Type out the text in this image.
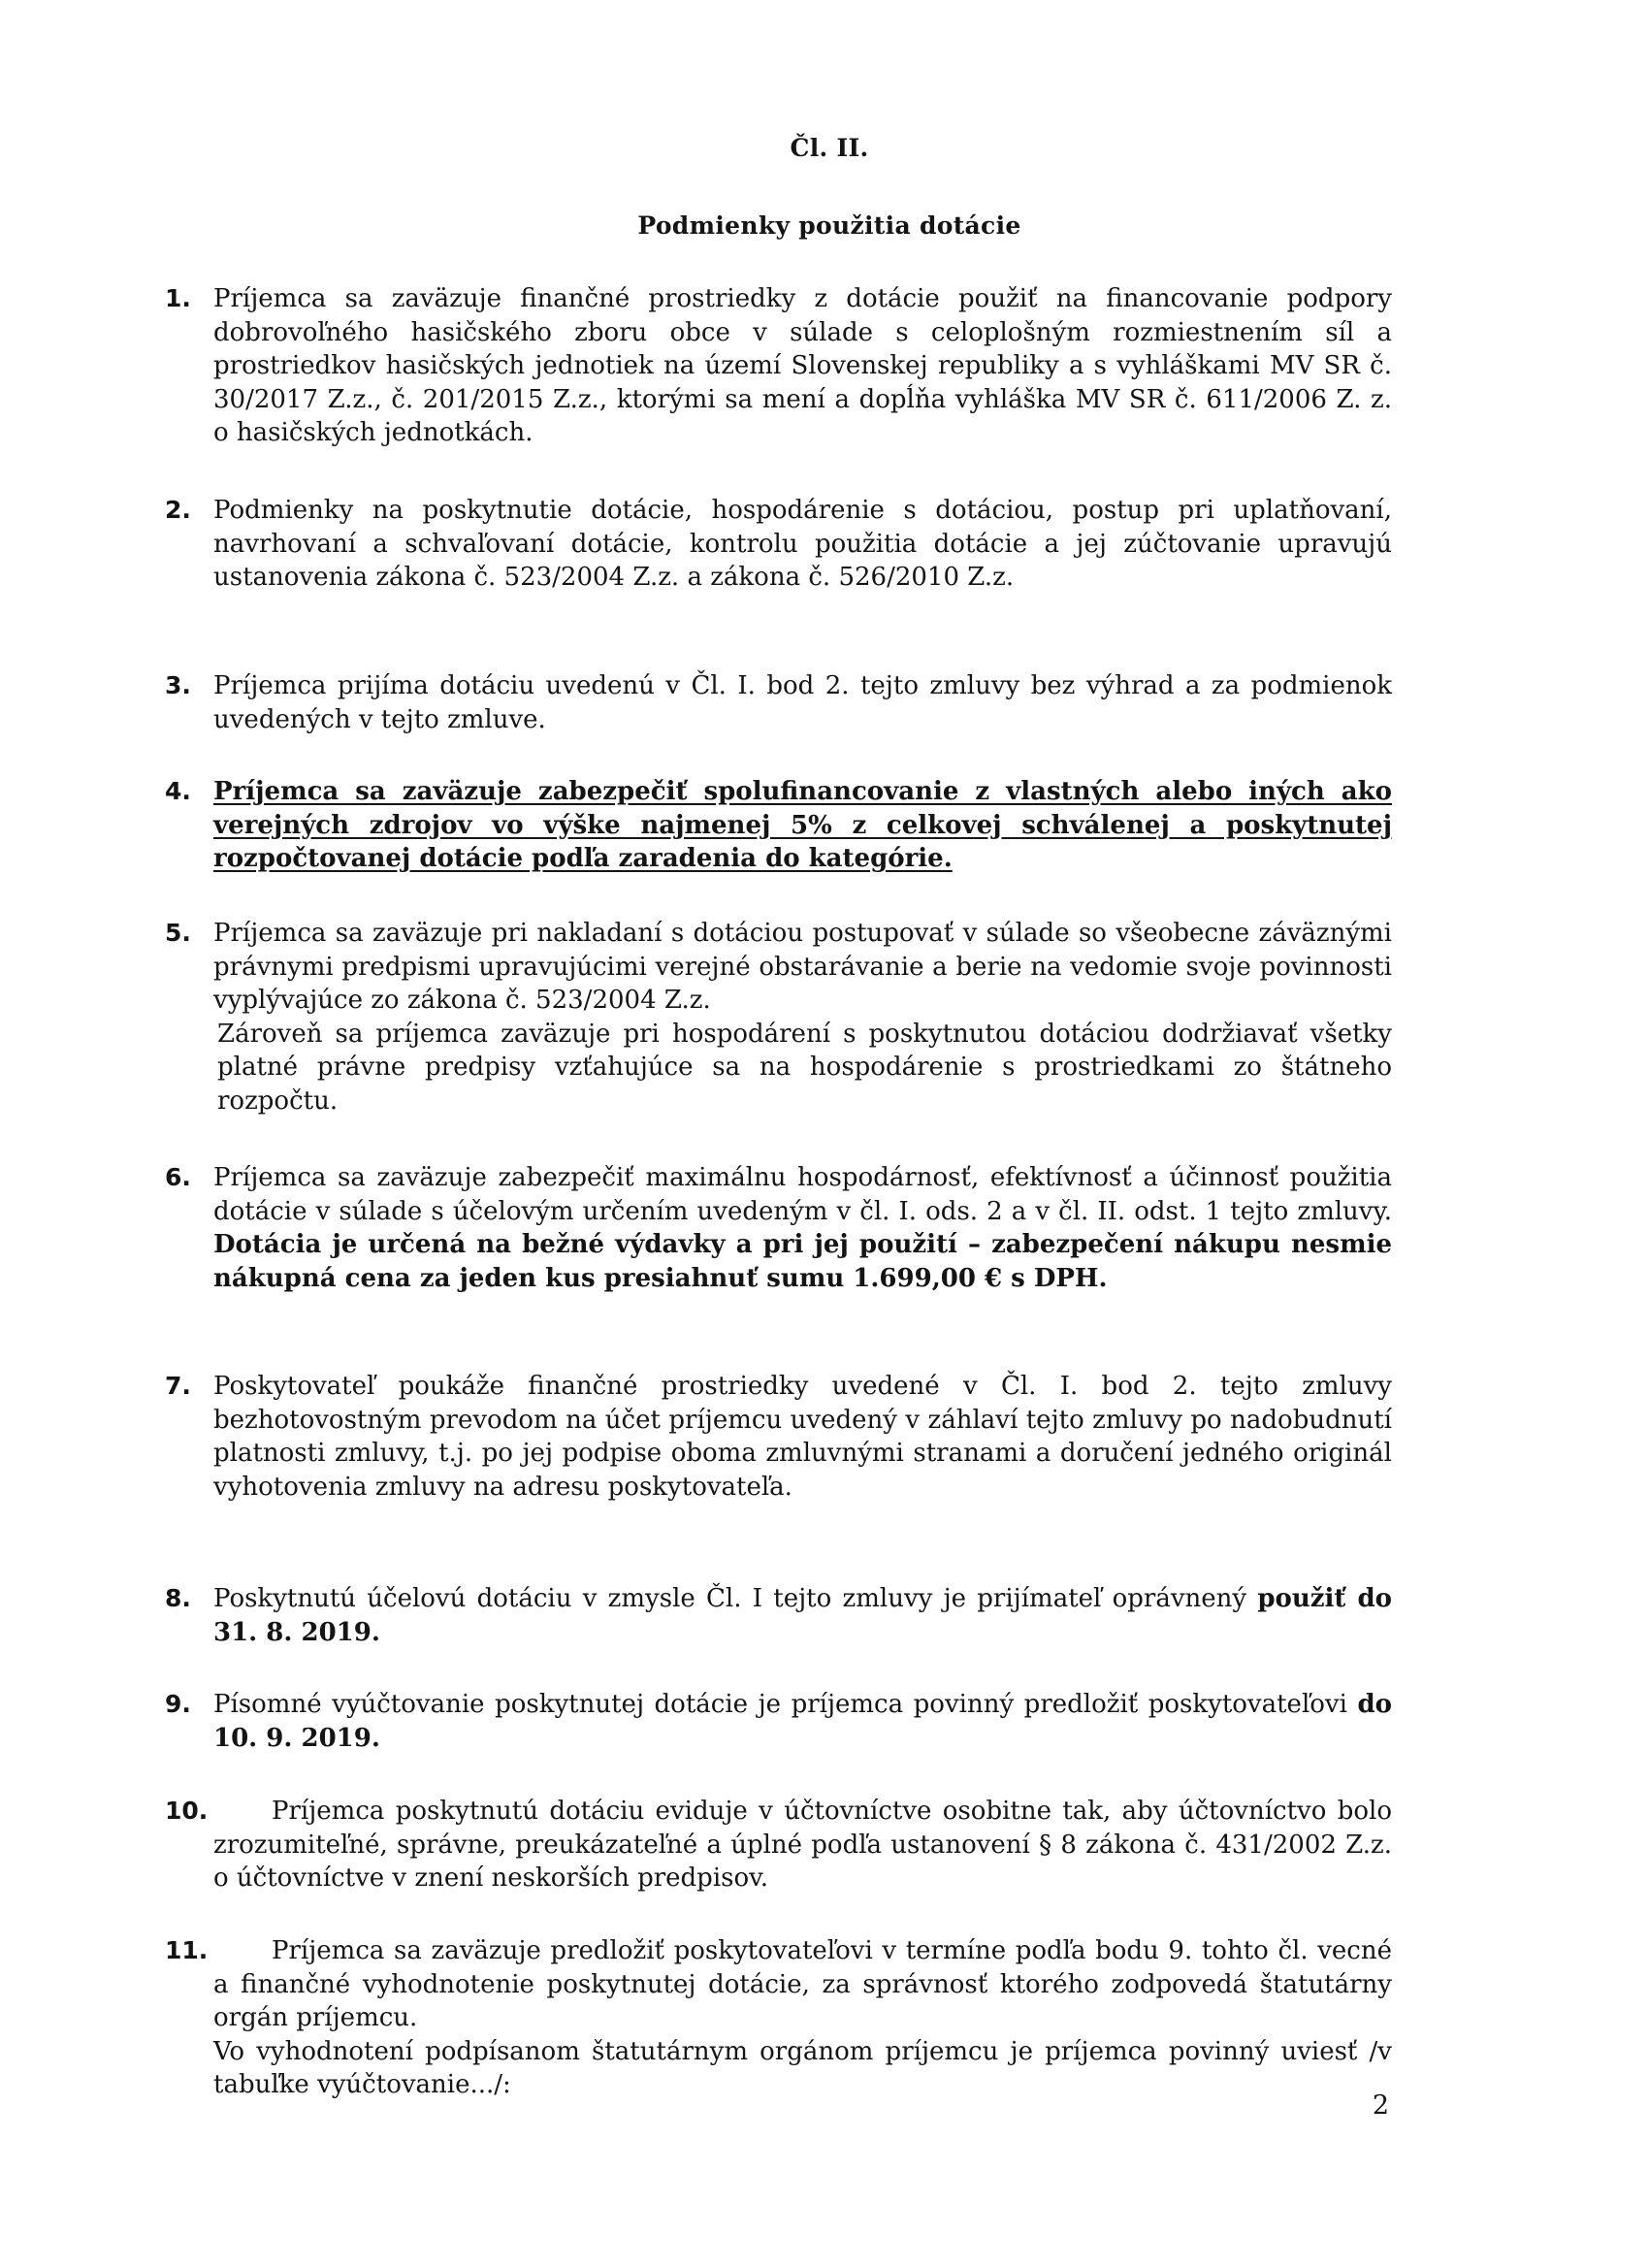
Čl. II.
Podmienky použitia dotácie
1. Príjemca sa zaväzuje finančné prostriedky z dotácie použiť na financovanie podpory dobrovoľného hasičského zboru obce v súlade s celoplošným rozmiestnením síl a prostriedkov hasičských jednotiek na území Slovenskej republiky a s vyhláškami MV SR č. 30/2017 Z.z., č. 201/2015 Z.z., ktorými sa mení a dopĺňa vyhláška MV SR č. 611/2006 Z. z. o hasičských jednotkách.

2. Podmienky na poskytnutie dotácie, hospodárenie s dotáciou, postup pri uplatňovaní, navrhovaní a schvaľovaní dotácie, kontrolu použitia dotácie a jej zúčtovanie upravujú ustanovenia zákona č. 523/2004 Z.z. a zákona č. 526/2010 Z.z.

3. Príjemca prijíma dotáciu uvedenú v Čl. I. bod 2. tejto zmluvy bez výhrad a za podmienok uvedených v tejto zmluve.

4. Príjemca sa zaväzuje zabezpečiť spolufinancovanie z vlastných alebo iných ako verejných zdrojov vo výške najmenej 5% z celkovej schválenej a poskytnutej rozpočtovanej dotácie podľa zaradenia do kategórie.

5. Príjemca sa zaväzuje pri nakladaní s dotáciou postupovať v súlade so všeobecne záväznými právnymi predpismi upravujúcimi verejné obstarávanie a berie na vedomie svoje povinnosti vyplývajúce zo zákona č. 523/2004 Z.z.

Zároveň sa príjemca zaväzuje pri hospodárení s poskytnutou dotáciou dodržiavať všetky platné právne predpisy vzťahujúce sa na hospodárenie s prostriedkami zo štátneho rozpočtu.

6. Príjemca sa zaväzuje zabezpečiť maximálnu hospodárnosť, efektívnosť a účinnosť použitia dotácie v súlade s účelovým určením uvedeným v čl. I. ods. 2 a v čl. II. odst. 1 tejto zmluvy. Dotácia je určená na bežné výdavky a pri jej použití – zabezpečení nákupu nesmie nákupná cena za jeden kus presiahnuť sumu 1.699,00 € s DPH.

7. Poskytovateľ poukáže finančné prostriedky uvedené v Čl. I. bod 2. tejto zmluvy bezhotovostným prevodom na účet príjemcu uvedený v záhlaví tejto zmluvy po nadobudnutí platnosti zmluvy, t.j. po jej podpise oboma zmluvnými stranami a doručení jedného originál vyhotovenia zmluvy na adresu poskytovateľa.

8. Poskytnutú účelovú dotáciu v zmysle Čl. I tejto zmluvy je prijímateľ oprávnený použiť do 31. 8. 2019.

9. Písomné vyúčtovanie poskytnutej dotácie je príjemca povinný predložiť poskytovateľovi do 10. 9. 2019.

10.	Príjemca poskytnutú dotáciu eviduje v účtovníctve osobitne tak, aby účtovníctvo bolo zrozumiteľné, správne, preukázateľné a úplné podľa ustanovení § 8 zákona č. 431/2002 Z.z. o účtovníctve v znení neskorších predpisov.

11.	Príjemca sa zaväzuje predložiť poskytovateľovi v termíne podľa bodu 9. tohto čl. vecné a finančné vyhodnotenie poskytnutej dotácie, za správnosť ktorého zodpovedá štatutárny orgán príjemcu.

Vo vyhodnotení podpísanom štatutárnym orgánom príjemcu je príjemca povinný uviesť /v tabuľke vyúčtovanie.../:

2
